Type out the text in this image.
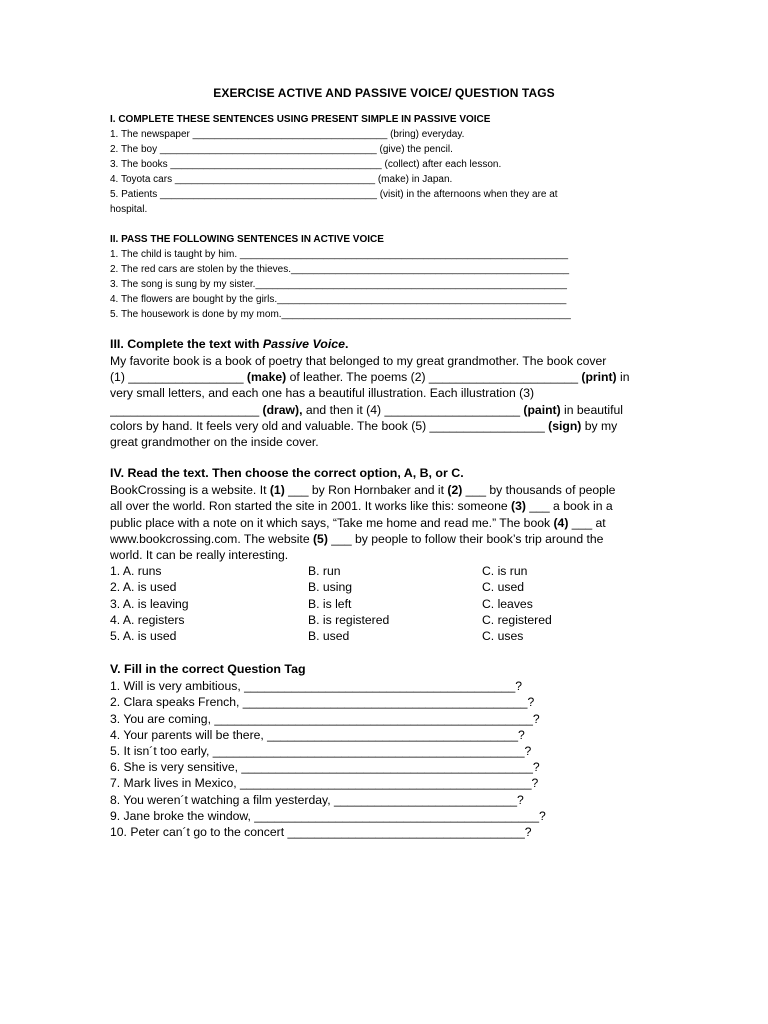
EXERCISE ACTIVE AND PASSIVE VOICE/ QUESTION TAGS
I. COMPLETE THESE SENTENCES USING PRESENT SIMPLE IN PASSIVE VOICE
1. The newspaper ___________________________________ (bring) everyday.
2. The boy _______________________________________ (give) the pencil.
3. The books ______________________________________ (collect) after each lesson.
4. Toyota cars ____________________________________ (make) in Japan.
5. Patients _______________________________________ (visit) in the afternoons when they are at
hospital.
II. PASS THE FOLLOWING SENTENCES IN ACTIVE VOICE
1. The child is taught by him. ___________________________________________________________
2. The red cars are stolen by the thieves.__________________________________________________
3. The song is sung by my sister.________________________________________________________
4. The flowers are bought by the girls.____________________________________________________
5. The housework is done by my mom.____________________________________________________
III. Complete the text with Passive Voice.
My favorite book is a book of poetry that belonged to my great grandmother. The book cover
(1) _________________ (make) of leather. The poems (2) ______________________ (print) in
very small letters, and each one has a beautiful illustration. Each illustration (3)
______________________ (draw), and then it (4) ____________________ (paint) in beautiful
colors by hand. It feels very old and valuable. The book (5) _________________ (sign) by my
great grandmother on the inside cover.
IV. Read the text. Then choose the correct option, A, B, or C.
BookCrossing is a website. It (1) ___ by Ron Hornbaker and it (2) ___ by thousands of people
all over the world. Ron started the site in 2001. It works like this: someone (3) ___ a book in a
public place with a note on it which says, “Take me home and read me.” The book (4) ___ at
www.bookcrossing.com. The website (5) ___ by people to follow their book’s trip around the
world. It can be really interesting.
1. A. runs	B. run	C. is run
2. A. is used	B. using	C. used
3. A. is leaving	B. is left	C. leaves
4. A. registers	B. is registered	C. registered
5. A. is used	B. used	C. uses
V. Fill in the correct Question Tag
1. Will is very ambitious, ________________________________________?
2. Clara speaks French, __________________________________________?
3. You are coming, _______________________________________________?
4. Your parents will be there, _____________________________________?
5. It isn´t too early, ______________________________________________?
6. She is very sensitive, ___________________________________________?
7. Mark lives in Mexico, ___________________________________________?
8. You weren´t watching a film yesterday, ___________________________?
9. Jane broke the window, __________________________________________?
10. Peter can´t go to the concert ___________________________________?
